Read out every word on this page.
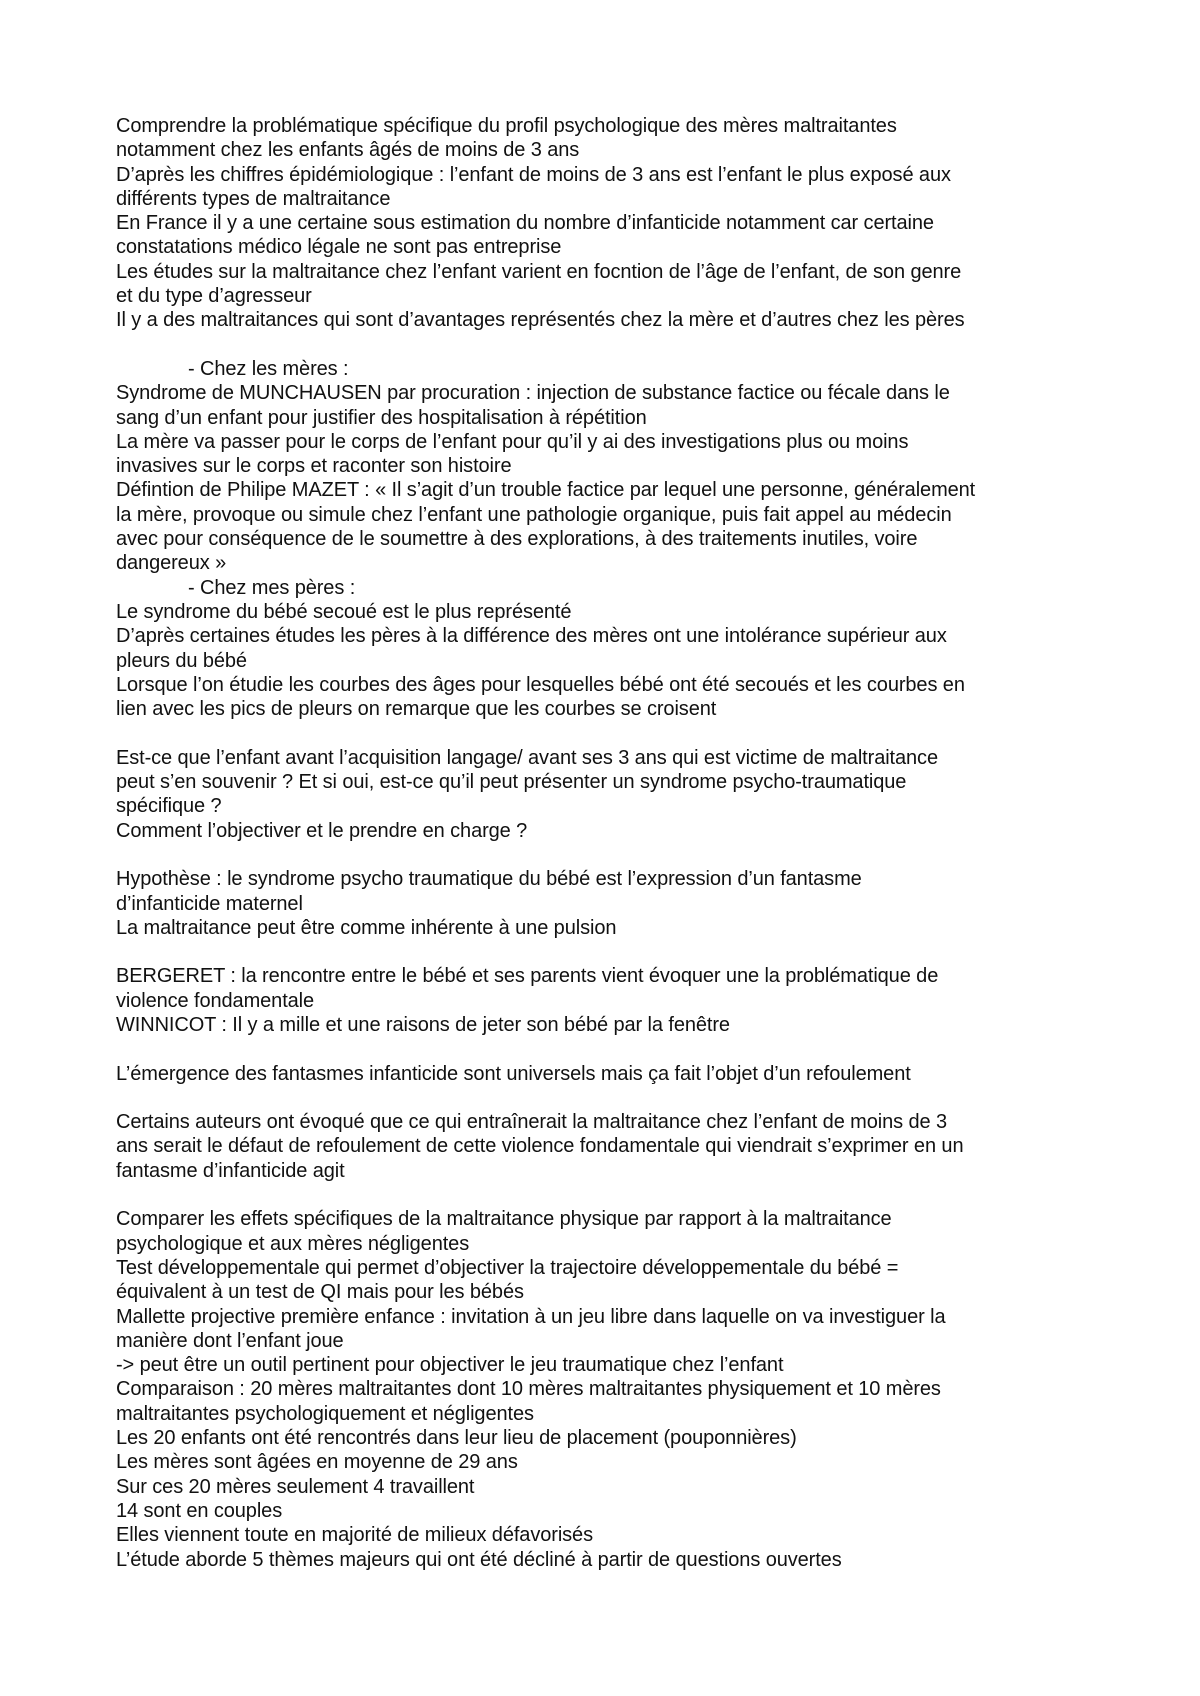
Comprendre la problématique spécifique du profil psychologique des mères maltraitantes
notamment chez les enfants âgés de moins de 3 ans
D’après les chiffres épidémiologique : l’enfant de moins de 3 ans est l’enfant le plus exposé aux
différents types de maltraitance
En France il y a une certaine sous estimation du nombre d’infanticide notamment car certaine
constatations médico légale ne sont pas entreprise
Les études sur la maltraitance chez l’enfant varient en focntion de l’âge de l’enfant, de son genre
et du type d’agresseur
Il y a des maltraitances qui sont d’avantages représentés chez la mère et d’autres chez les pères
- Chez les mères :
Syndrome de MUNCHAUSEN par procuration : injection de substance factice ou fécale dans le
sang d’un enfant pour justifier des hospitalisation à répétition
La mère va passer pour le corps de l’enfant pour qu’il y ai des investigations plus ou moins
invasives sur le corps et raconter son histoire
Défintion de Philipe MAZET : « Il s’agit d’un trouble factice par lequel une personne, généralement
la mère, provoque ou simule chez l’enfant une pathologie organique, puis fait appel au médecin
avec pour conséquence de le soumettre à des explorations, à des traitements inutiles, voire
dangereux »
- Chez mes pères :
Le syndrome du bébé secoué est le plus représenté
D’après certaines études les pères à la différence des mères ont une intolérance supérieur aux
pleurs du bébé
Lorsque l’on étudie les courbes des âges pour lesquelles bébé ont été secoués et les courbes en
lien avec les pics de pleurs on remarque que les courbes se croisent
Est-ce que l’enfant avant l’acquisition langage/ avant ses 3 ans qui est victime de maltraitance
peut s’en souvenir ? Et si oui, est-ce qu’il peut présenter un syndrome psycho-traumatique
spécifique ?
Comment l’objectiver et le prendre en charge ?
Hypothèse : le syndrome psycho traumatique du bébé est l’expression d’un fantasme
d’infanticide maternel
La maltraitance peut être comme inhérente à une pulsion
BERGERET : la rencontre entre le bébé et ses parents vient évoquer une la problématique de
violence fondamentale
WINNICOT : Il y a mille et une raisons de jeter son bébé par la fenêtre
L’émergence des fantasmes infanticide sont universels mais ça fait l’objet d’un refoulement
Certains auteurs ont évoqué que ce qui entraînerait la maltraitance chez l’enfant de moins de 3
ans serait le défaut de refoulement de cette violence fondamentale qui viendrait s’exprimer en un
fantasme d’infanticide agit
Comparer les effets spécifiques de la maltraitance physique par rapport à la maltraitance
psychologique et aux mères négligentes
Test développementale qui permet d’objectiver la trajectoire développementale du bébé =
équivalent à un test de QI mais pour les bébés
Mallette projective première enfance : invitation à un jeu libre dans laquelle on va investiguer la
manière dont l’enfant joue
-> peut être un outil pertinent pour objectiver le jeu traumatique chez l’enfant
Comparaison : 20 mères maltraitantes dont 10 mères maltraitantes physiquement et 10 mères
maltraitantes psychologiquement et négligentes
Les 20 enfants ont été rencontrés dans leur lieu de placement (pouponnières)
Les mères sont âgées en moyenne de 29 ans
Sur ces 20 mères seulement 4 travaillent
14 sont en couples
Elles viennent toute en majorité de milieux défavorisés
L’étude aborde 5 thèmes majeurs qui ont été décliné à partir de questions ouvertes
